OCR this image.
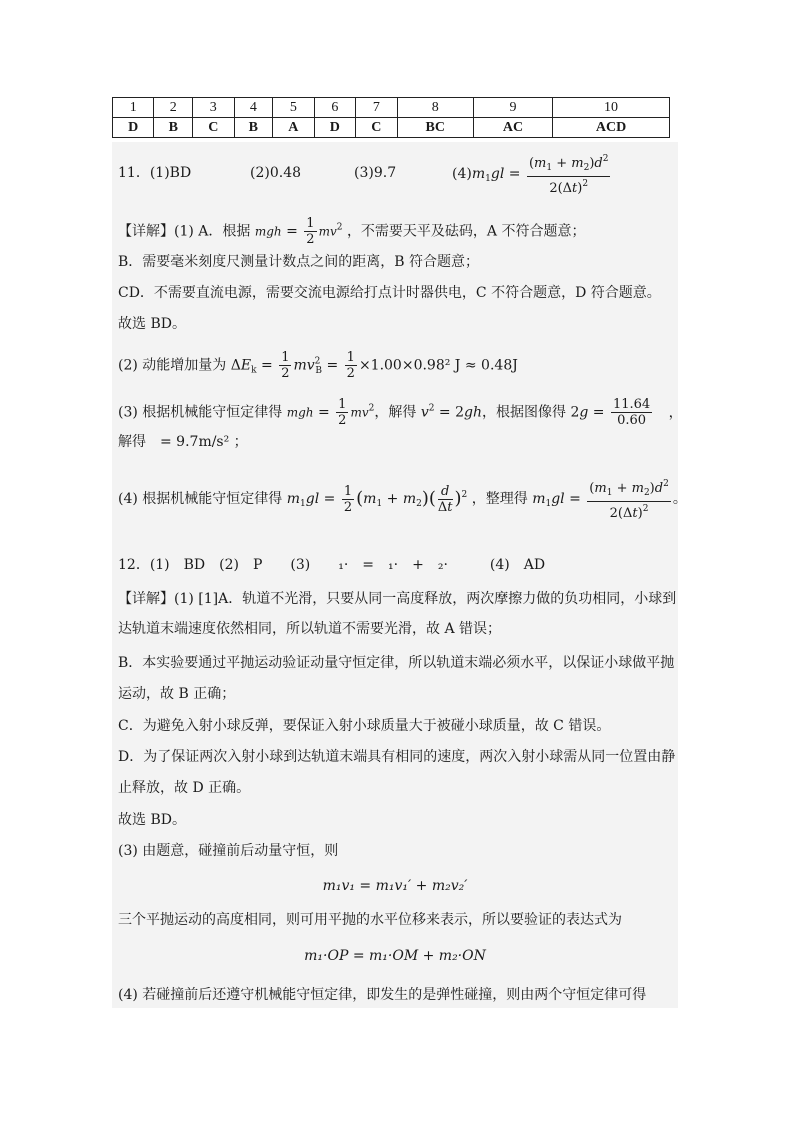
1	2	3	4	5	6	7	8	9	10
D	B	C	B	A	D	C	BC	AC	ACD
11．(1)BD	(2)0.48	(3)9.7	$(4)m_1gl = \frac{(m_1 + m_2)d^2}{2(\Delta t)^2}$
【详解】(1) A．根据 mgh = $\frac{1}{2} mv^2$ ，不需要天平及砝码，A 不符合题意；
B．需要毫米刻度尺测量计数点之间的距离，B 符合题意；
CD．不需要直流电源，需要交流电源给打点计时器供电，C 不符合题意，D 符合题意。
故选 BD。
(2) 动能增加量为 $\Delta E_k = \frac{1}{2} mv^2_B = \frac{1}{2} \times 1.00\times 0.98^2$ J ≈ 0.48J
(3) 根据机械能守恒定律得 mgh = $\frac{1}{2} mv^2$，解得 $v^2 = 2gh$，根据图像得 $2g = \frac{11.64}{0.60}$ ，
解得　= 9.7m/s² ；
(4) 根据机械能守恒定律得 $m_1gl = \frac{1}{2} (m_1 + m_2)( \frac{d}{\Delta t} )^2$ ，整理得 $m_1gl = \frac{(m_1 + m_2)d^2}{2(\Delta t)^2}$ 。
12．(1)　BD　(2)　P　　(3)　　₁·　=　₁·　+　₂·　　　(4)　AD
【详解】(1) [1]A．轨道不光滑，只要从同一高度释放，两次摩擦力做的负功相同，小球到
达轨道末端速度依然相同，所以轨道不需要光滑，故 A 错误；
B．本实验要通过平抛运动验证动量守恒定律，所以轨道末端必须水平，以保证小球做平抛
运动，故 B 正确；
C．为避免入射小球反弹，要保证入射小球质量大于被碰小球质量，故 C 错误。
D．为了保证两次入射小球到达轨道末端具有相同的速度，两次入射小球需从同一位置由静
止释放，故 D 正确。
故选 BD。
(3) 由题意，碰撞前后动量守恒，则
m₁v₁ = m₁v₁′ + m₂v₂′
三个平抛运动的高度相同，则可用平抛的水平位移来表示，所以要验证的表达式为
m₁·OP = m₁·OM + m₂·ON
(4) 若碰撞前后还遵守机械能守恒定律，即发生的是弹性碰撞，则由两个守恒定律可得
